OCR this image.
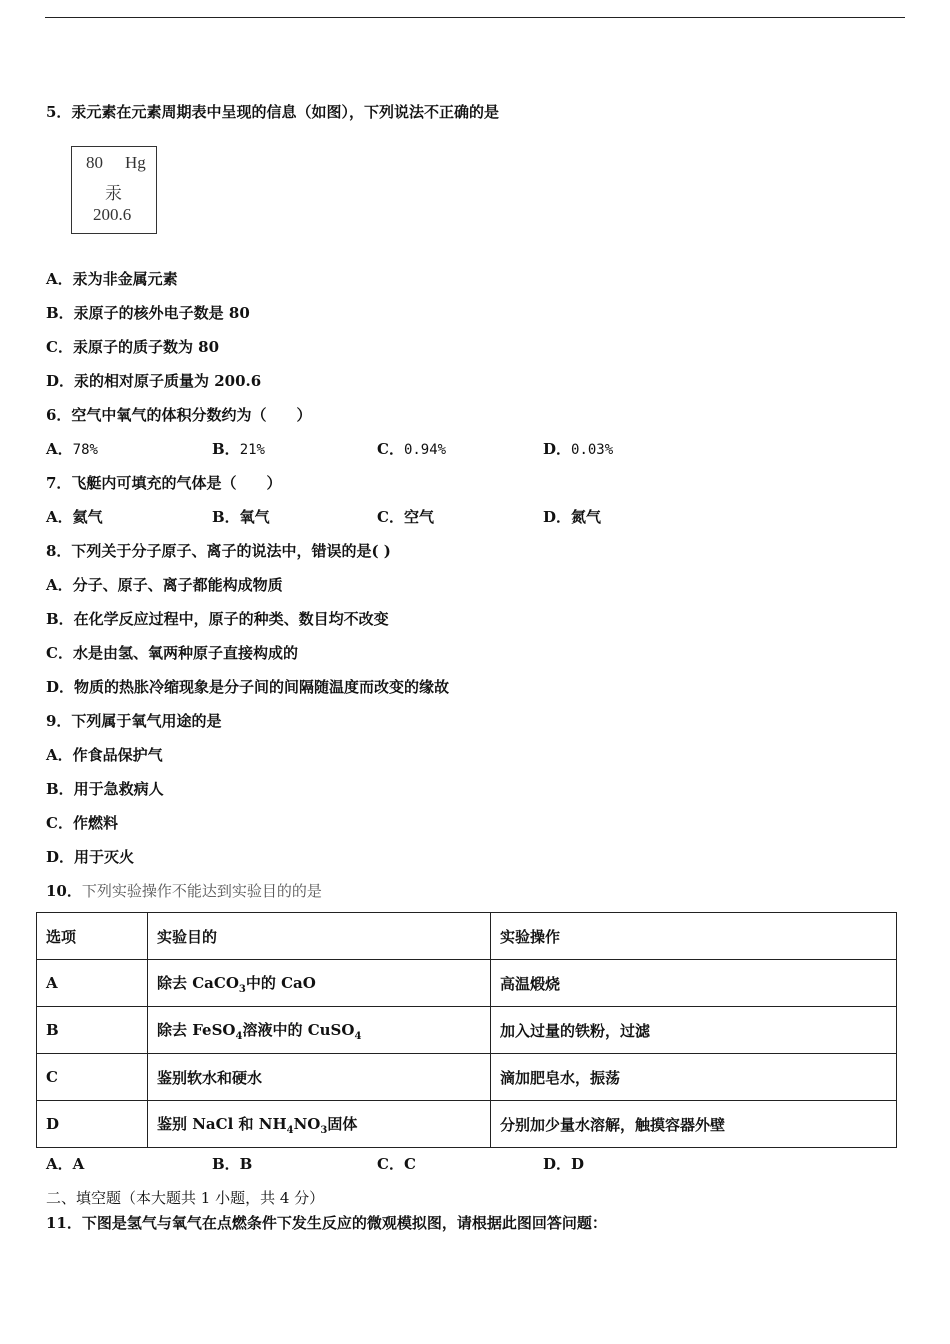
5．汞元素在元素周期表中呈现的信息（如图），下列说法不正确的是
80 Hg
汞
200.6
A．汞为非金属元素
B．汞原子的核外电子数是 80
C．汞原子的质子数为 80
D．汞的相对原子质量为 200.6
6．空气中氧气的体积分数约为（　　）
A．78%	B．21%	C．0.94%	D．0.03%
7．飞艇内可填充的气体是（　　）
A．氦气	B．氧气	C．空气	D．氮气
8．下列关于分子原子、离子的说法中，错误的是( )
A．分子、原子、离子都能构成物质
B．在化学反应过程中，原子的种类、数目均不改变
C．水是由氢、氧两种原子直接构成的
D．物质的热胀冷缩现象是分子间的间隔随温度而改变的缘故
9．下列属于氧气用途的是
A．作食品保护气
B．用于急救病人
C．作燃料
D．用于灭火
10．下列实验操作不能达到实验目的的是
选项	实验目的	实验操作
A	除去 CaCO$_3$中的 CaO	高温煅烧
B	除去 FeSO$_4$溶液中的 CuSO$_4$	加入过量的铁粉，过滤
C	鉴别软水和硬水	滴加肥皂水，振荡
D	鉴别 NaCl 和 $NH_4NO_3$固体	分别加少量水溶解，触摸容器外壁
A．A	B．B	C．C	D．D
二、填空题（本大题共 1 小题，共 4 分）
11．下图是氢气与氧气在点燃条件下发生反应的微观模拟图，请根据此图回答问题：
